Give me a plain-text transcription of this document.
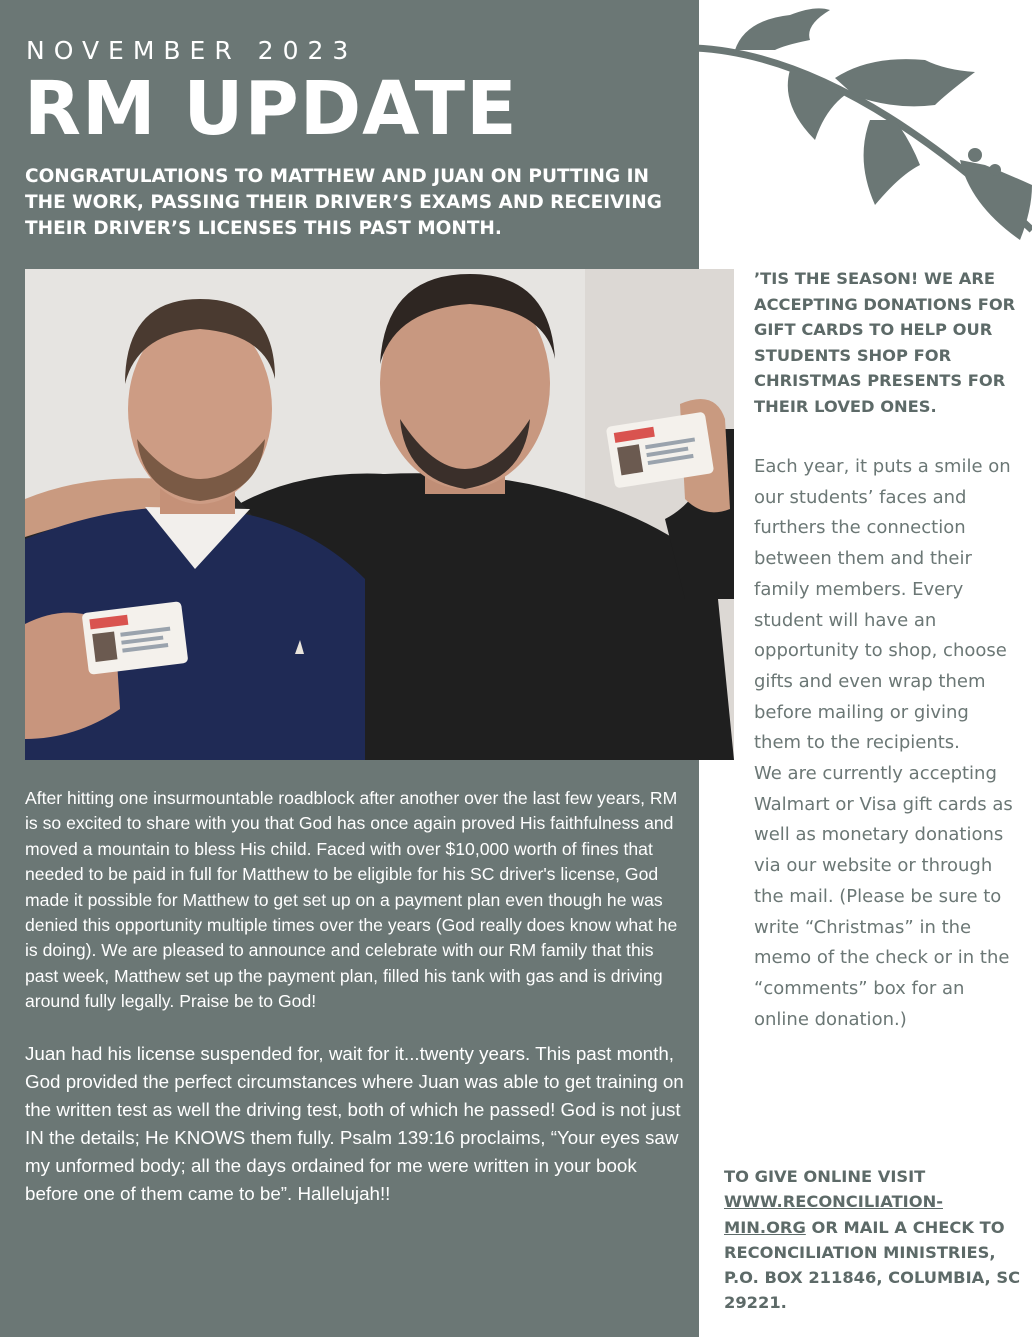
NOVEMBER 2023
RM UPDATE
CONGRATULATIONS TO MATTHEW AND JUAN ON PUTTING IN THE WORK, PASSING THEIR DRIVER’S EXAMS AND RECEIVING THEIR DRIVER’S LICENSES THIS PAST MONTH.

After hitting one insurmountable roadblock after another over the last few years, RM is so excited to share with you that God has once again proved His faithfulness and moved a mountain to bless His child. Faced with over $10,000 worth of fines that needed to be paid in full for Matthew to be eligible for his SC driver's license, God made it possible for Matthew to get set up on a payment plan even though he was denied this opportunity multiple times over the years (God really does know what he is doing). We are pleased to announce and celebrate with our RM family that this past week, Matthew set up the payment plan, filled his tank with gas and is driving around fully legally. Praise be to God!

Juan had his license suspended for, wait for it...twenty years. This past month, God provided the perfect circumstances where Juan was able to get training on the written test as well the driving test, both of which he passed! God is not just IN the details; He KNOWS them fully. Psalm 139:16 proclaims, “Your eyes saw my unformed body; all the days ordained for me were written in your book before one of them came to be”. Hallelujah!!

’TIS THE SEASON! WE ARE ACCEPTING DONATIONS FOR GIFT CARDS TO HELP OUR STUDENTS SHOP FOR CHRISTMAS PRESENTS FOR THEIR LOVED ONES.

Each year, it puts a smile on our students’ faces and furthers the connection between them and their family members. Every student will have an opportunity to shop, choose gifts and even wrap them before mailing or giving them to the recipients.

We are currently accepting Walmart or Visa gift cards as well as monetary donations via our website or through the mail. (Please be sure to write “Christmas” in the memo of the check or in the “comments” box for an online donation.)

TO GIVE ONLINE VISIT WWW.RECONCILIATION-MIN.ORG OR MAIL A CHECK TO RECONCILIATION MINISTRIES, P.O. BOX 211846, COLUMBIA, SC 29221.
